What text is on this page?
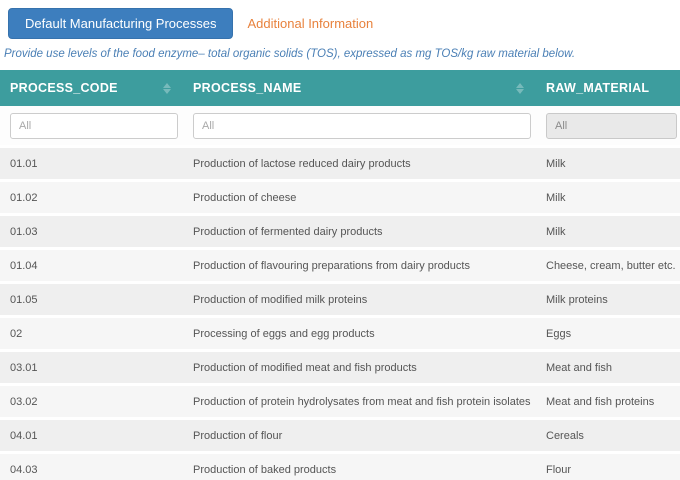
Default Manufacturing Processes	Additional Information
Provide use levels of the food enzyme– total organic solids (TOS), expressed as mg TOS/kg raw material below.
PROCESS_CODE	PROCESS_NAME	RAW_MATERIAL
All
All
All
01.01	Production of lactose reduced dairy products	Milk
01.02	Production of cheese	Milk
01.03	Production of fermented dairy products	Milk
01.04	Production of flavouring preparations from dairy products	Cheese, cream, butter etc.
01.05	Production of modified milk proteins	Milk proteins
02	Processing of eggs and egg products	Eggs
03.01	Production of modified meat and fish products	Meat and fish
03.02	Production of protein hydrolysates from meat and fish protein isolates	Meat and fish proteins
04.01	Production of flour	Cereals
04.03	Production of baked products	Flour
